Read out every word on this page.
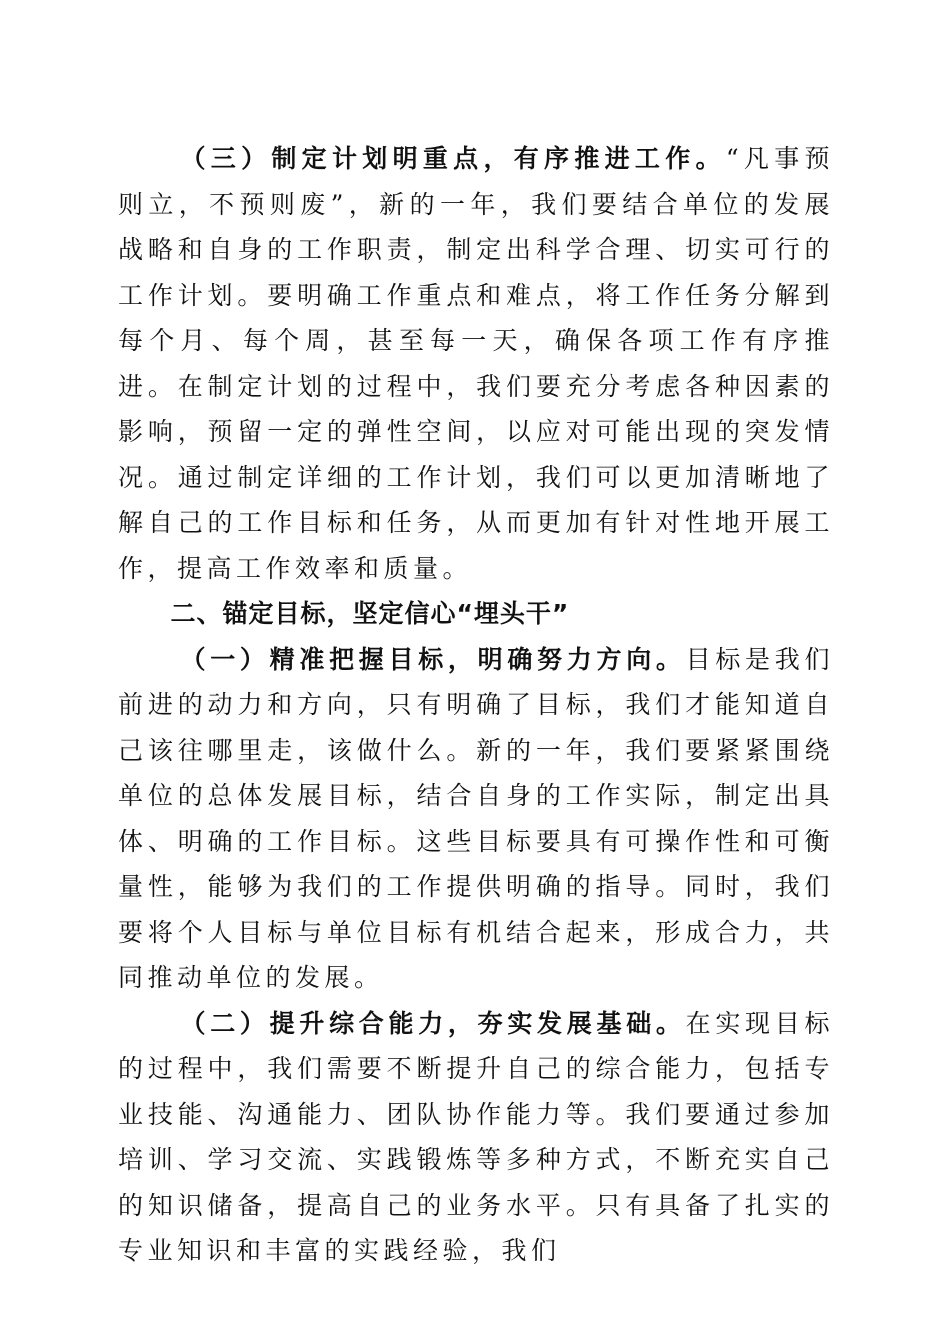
（三）制定计划明重点，有序推进工作。“凡事预则立，不预则废”，新的一年，我们要结合单位的发展战略和自身的工作职责，制定出科学合理、切实可行的工作计划。要明确工作重点和难点，将工作任务分解到每个月、每个周，甚至每一天，确保各项工作有序推进。在制定计划的过程中，我们要充分考虑各种因素的影响，预留一定的弹性空间，以应对可能出现的突发情况。通过制定详细的工作计划，我们可以更加清晰地了解自己的工作目标和任务，从而更加有针对性地开展工作，提高工作效率和质量。

二、锚定目标，坚定信心“埋头干”

（一）精准把握目标，明确努力方向。目标是我们前进的动力和方向，只有明确了目标，我们才能知道自己该往哪里走，该做什么。新的一年，我们要紧紧围绕单位的总体发展目标，结合自身的工作实际，制定出具体、明确的工作目标。这些目标要具有可操作性和可衡量性，能够为我们的工作提供明确的指导。同时，我们要将个人目标与单位目标有机结合起来，形成合力，共同推动单位的发展。

（二）提升综合能力，夯实发展基础。在实现目标的过程中，我们需要不断提升自己的综合能力，包括专业技能、沟通能力、团队协作能力等。我们要通过参加培训、学习交流、实践锻炼等多种方式，不断充实自己的知识储备，提高自己的业务水平。只有具备了扎实的专业知识和丰富的实践经验，我们
